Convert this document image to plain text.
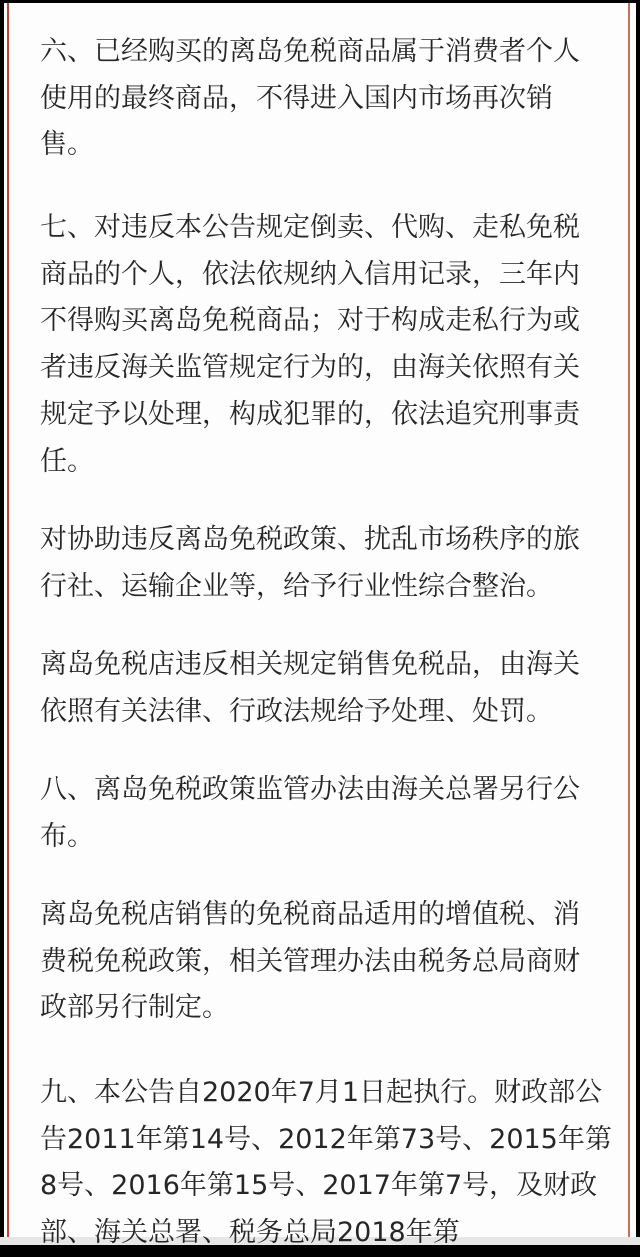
六、已经购买的离岛免税商品属于消费者个人
使用的最终商品，不得进入国内市场再次销
售。

七、对违反本公告规定倒卖、代购、走私免税
商品的个人，依法依规纳入信用记录，三年内
不得购买离岛免税商品；对于构成走私行为或
者违反海关监管规定行为的，由海关依照有关
规定予以处理，构成犯罪的，依法追究刑事责
任。

对协助违反离岛免税政策、扰乱市场秩序的旅
行社、运输企业等，给予行业性综合整治。

离岛免税店违反相关规定销售免税品，由海关
依照有关法律、行政法规给予处理、处罚。

八、离岛免税政策监管办法由海关总署另行公
布。

离岛免税店销售的免税商品适用的增值税、消
费税免税政策，相关管理办法由税务总局商财
政部另行制定。

九、本公告自2020年7月1日起执行。财政部公
告2011年第14号、2012年第73号、2015年第
8号、2016年第15号、2017年第7号，及财政
部、海关总署、税务总局2018年第
